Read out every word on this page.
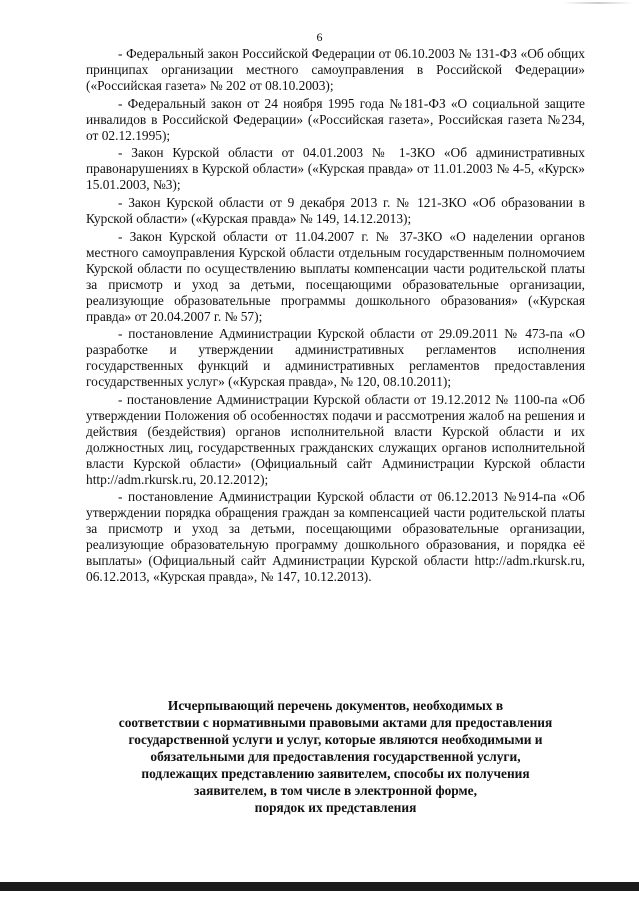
6

- Федеральный закон Российской Федерации от 06.10.2003 № 131-ФЗ «Об общих принципах организации местного самоуправления в Российской Федерации» («Российская газета» № 202 от 08.10.2003);

- Федеральный закон от 24 ноября 1995 года №181-ФЗ «О социальной защите инвалидов в Российской Федерации» («Российская газета», Российская газета №234, от 02.12.1995);

- Закон Курской области от 04.01.2003 № 1-ЗКО «Об административных правонарушениях в Курской области» («Курская правда» от 11.01.2003 № 4-5, «Курск» 15.01.2003, №3);

- Закон Курской области от 9 декабря 2013 г. № 121-ЗКО «Об образовании в Курской области» («Курская правда» № 149, 14.12.2013);

- Закон Курской области от 11.04.2007 г. № 37-ЗКО «О наделении органов местного самоуправления Курской области отдельным государственным полномочием Курской области по осуществлению выплаты компенсации части родительской платы за присмотр и уход за детьми, посещающими образовательные организации, реализующие образовательные программы дошкольного образования» («Курская правда» от 20.04.2007 г. № 57);

- постановление Администрации Курской области от 29.09.2011 № 473-па «О разработке и утверждении административных регламентов исполнения государственных функций и административных регламентов предоставления государственных услуг» («Курская правда», № 120, 08.10.2011);

- постановление Администрации Курской области от 19.12.2012 № 1100-па «Об утверждении Положения об особенностях подачи и рассмотрения жалоб на решения и действия (бездействия) органов исполнительной власти Курской области и их должностных лиц, государственных гражданских служащих органов исполнительной власти Курской области» (Официальный сайт Администрации Курской области http://adm.rkursk.ru, 20.12.2012);

- постановление Администрации Курской области от 06.12.2013 №914-па «Об утверждении порядка обращения граждан за компенсацией части родительской платы за присмотр и уход за детьми, посещающими образовательные организации, реализующие образовательную программу дошкольного образования, и порядка её выплаты» (Официальный сайт Администрации Курской области http://adm.rkursk.ru, 06.12.2013, «Курская правда», № 147, 10.12.2013).

Исчерпывающий перечень документов, необходимых в
соответствии с нормативными правовыми актами для предоставления
государственной услуги и услуг, которые являются необходимыми и
обязательными для предоставления государственной услуги,
подлежащих представлению заявителем, способы их получения
заявителем, в том числе в электронной форме,
порядок их представления
